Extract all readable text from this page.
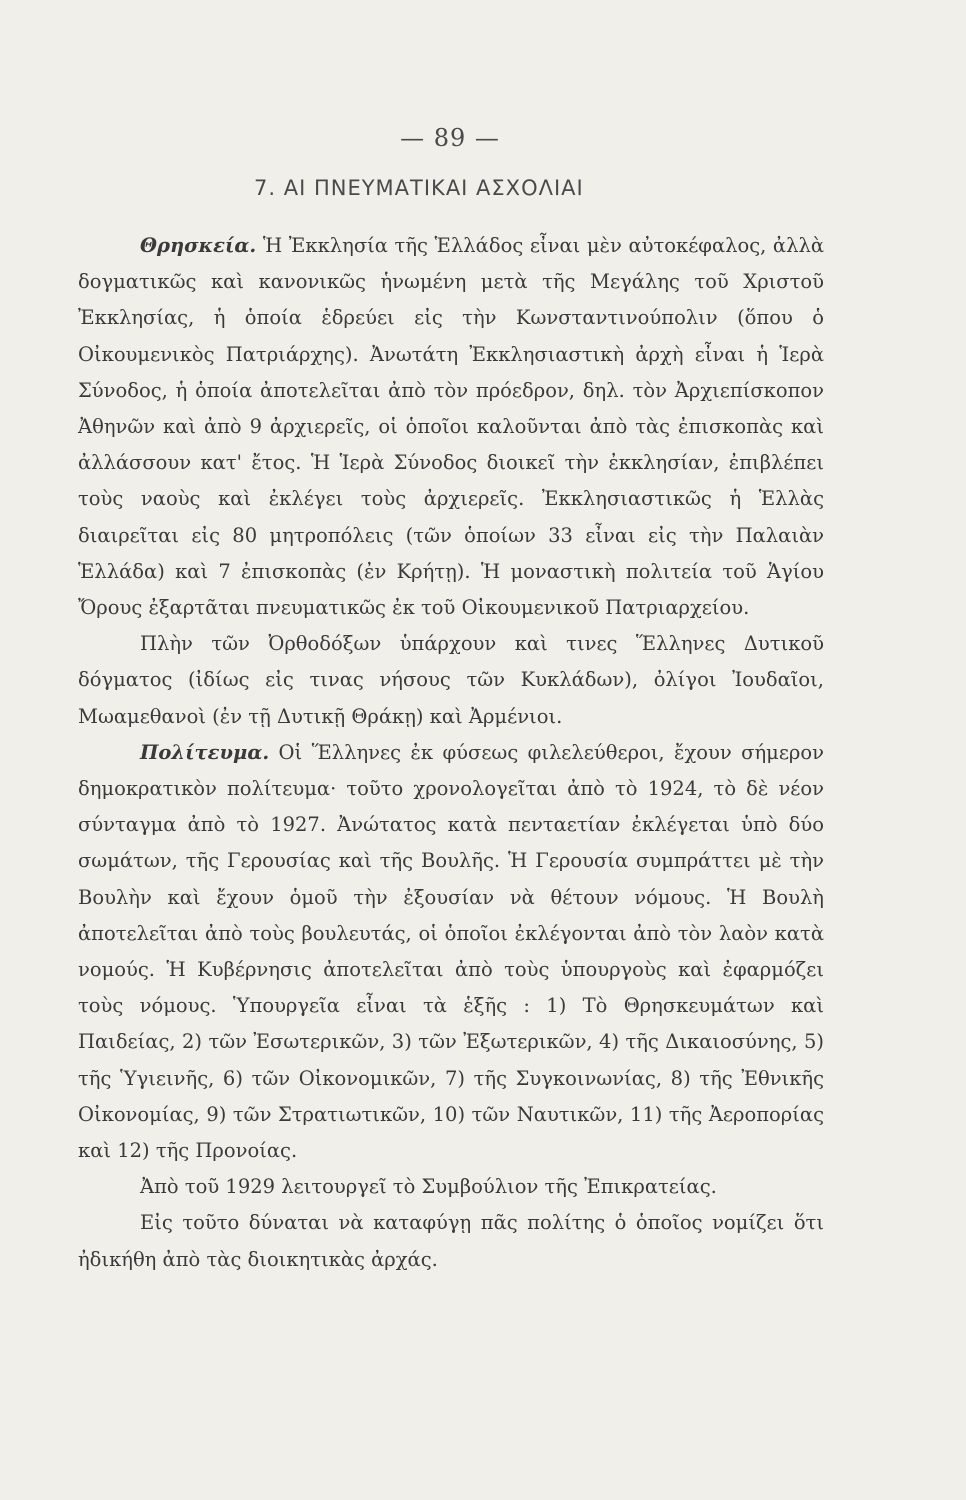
— 89 —
7. ΑΙ ΠΝΕΥΜΑΤΙΚΑΙ ΑΣΧΟΛΙΑΙ

Θρησκεία. Ἡ Ἐκκλησία τῆς Ἑλλάδος εἶναι μὲν αὐτοκέφαλος, ἀλλὰ δογματικῶς καὶ κανονικῶς ἡνωμένη μετὰ τῆς Μεγάλης τοῦ Χριστοῦ Ἐκκλησίας, ἡ ὁποία ἑδρεύει εἰς τὴν Κωνσταντινούπολιν (ὅπου ὁ Οἰκουμενικὸς Πατριάρχης). Ἀνωτάτη Ἐκκλησιαστικὴ ἀρχὴ εἶναι ἡ Ἱερὰ Σύνοδος, ἡ ὁποία ἀποτελεῖται ἀπὸ τὸν πρόεδρον, δηλ. τὸν Ἀρχιεπίσκοπον Ἀθηνῶν καὶ ἀπὸ 9 ἀρχιερεῖς, οἱ ὁποῖοι καλοῦνται ἀπὸ τὰς ἐπισκοπὰς καὶ ἀλλάσσουν κατ' ἔτος. Ἡ Ἱερὰ Σύνοδος διοικεῖ τὴν ἐκκλησίαν, ἐπιβλέπει τοὺς ναοὺς καὶ ἐκλέγει τοὺς ἀρχιερεῖς. Ἐκκλησιαστικῶς ἡ Ἑλλὰς διαιρεῖται εἰς 80 μητροπόλεις (τῶν ὁποίων 33 εἶναι εἰς τὴν Παλαιὰν Ἑλλάδα) καὶ 7 ἐπισκοπὰς (ἐν Κρήτῃ). Ἡ μοναστικὴ πολιτεία τοῦ Ἁγίου Ὄρους ἐξαρτᾶται πνευματικῶς ἐκ τοῦ Οἰκουμενικοῦ Πατριαρχείου.

Πλὴν τῶν Ὀρθοδόξων ὑπάρχουν καὶ τινες Ἕλληνες Δυτικοῦ δόγματος (ἰδίως εἰς τινας νήσους τῶν Κυκλάδων), ὀλίγοι Ἰουδαῖοι, Μωαμεθανοὶ (ἐν τῇ Δυτικῇ Θράκῃ) καὶ Ἀρμένιοι.

Πολίτευμα. Οἱ Ἕλληνες ἐκ φύσεως φιλελεύθεροι, ἔχουν σήμερον δημοκρατικὸν πολίτευμα· τοῦτο χρονολογεῖται ἀπὸ τὸ 1924, τὸ δὲ νέον σύνταγμα ἀπὸ τὸ 1927. Ἀνώτατος κατὰ πενταετίαν ἐκλέγεται ὑπὸ δύο σωμάτων, τῆς Γερουσίας καὶ τῆς Βουλῆς. Ἡ Γερουσία συμπράττει μὲ τὴν Βουλὴν καὶ ἔχουν ὁμοῦ τὴν ἐξουσίαν νὰ θέτουν νόμους. Ἡ Βουλὴ ἀποτελεῖται ἀπὸ τοὺς βουλευτάς, οἱ ὁποῖοι ἐκλέγονται ἀπὸ τὸν λαὸν κατὰ νομούς. Ἡ Κυβέρνησις ἀποτελεῖται ἀπὸ τοὺς ὑπουργοὺς καὶ ἐφαρμόζει τοὺς νόμους. Ὑπουργεῖα εἶναι τὰ ἑξῆς : 1) Τὸ Θρησκευμάτων καὶ Παιδείας, 2) τῶν Ἐσωτερικῶν, 3) τῶν Ἐξωτερικῶν, 4) τῆς Δικαιοσύνης, 5) τῆς Ὑγιεινῆς, 6) τῶν Οἰκονομικῶν, 7) τῆς Συγκοινωνίας, 8) τῆς Ἐθνικῆς Οἰκονομίας, 9) τῶν Στρατιωτικῶν, 10) τῶν Ναυτικῶν, 11) τῆς Ἀεροπορίας καὶ 12) τῆς Προνοίας.

Ἀπὸ τοῦ 1929 λειτουργεῖ τὸ Συμβούλιον τῆς Ἐπικρατείας.

Εἰς τοῦτο δύναται νὰ καταφύγῃ πᾶς πολίτης ὁ ὁποῖος νομίζει ὅτι ἠδικήθη ἀπὸ τὰς διοικητικὰς ἀρχάς.
